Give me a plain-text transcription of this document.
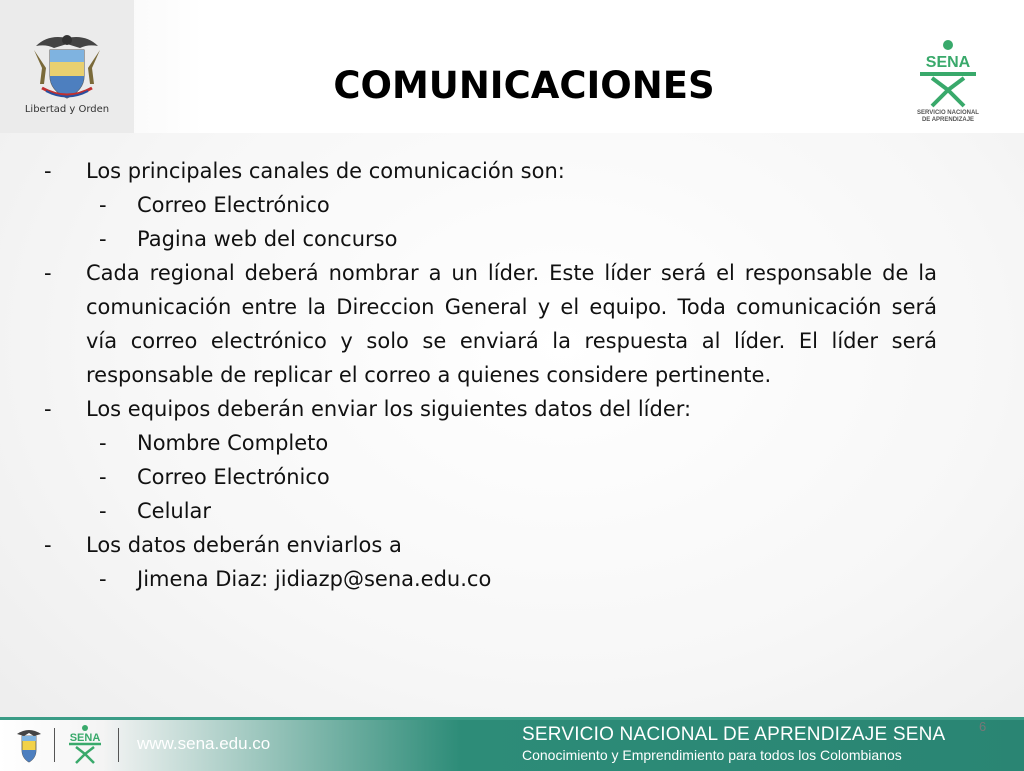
Libertad y Orden
COMUNICACIONES
SENA
SERVICIO NACIONAL
DE APRENDIZAJE
- Los principales canales de comunicación son:
- Correo Electrónico
- Pagina web del concurso
- Cada regional deberá nombrar a un líder. Este líder será el responsable de la comunicación entre la Direccion General y el equipo. Toda comunicación será vía correo electrónico y solo se enviará la respuesta al líder. El líder será responsable de replicar el correo a quienes considere pertinente.
- Los equipos deberán enviar los siguientes datos del líder:
- Nombre Completo
- Correo Electrónico
- Celular
- Los datos deberán enviarlos a
- Jimena Diaz: jidiazp@sena.edu.co
SENA www.sena.edu.co	SERVICIO NACIONAL DE APRENDIZAJE SENA
Conocimiento y Emprendimiento para todos los Colombianos
6
